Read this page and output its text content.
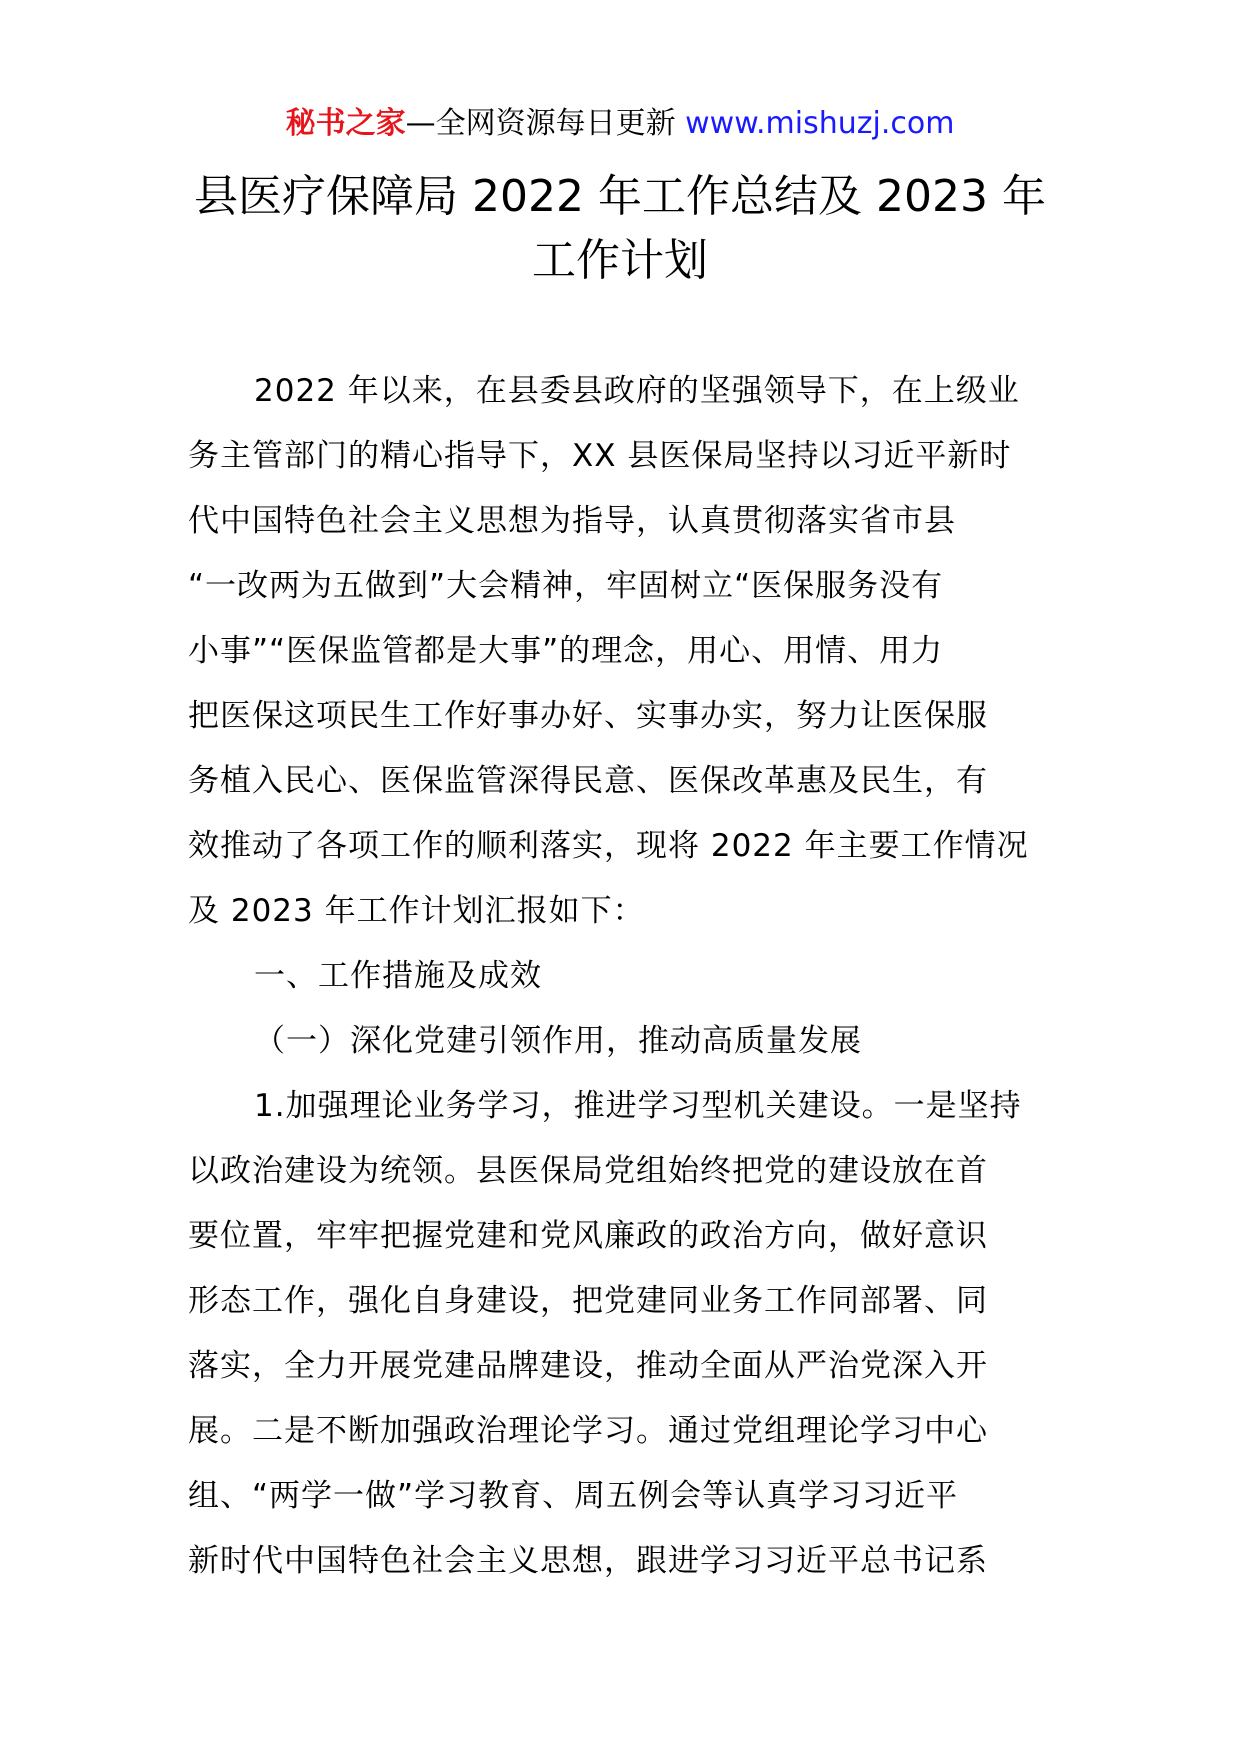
秘书之家—全网资源每日更新 www.mishuzj.com
县医疗保障局 2022 年工作总结及 2023 年
工作计划
2022 年以来，在县委县政府的坚强领导下，在上级业
务主管部门的精心指导下，XX 县医保局坚持以习近平新时
代中国特色社会主义思想为指导，认真贯彻落实省市县
“一改两为五做到”大会精神，牢固树立“医保服务没有
小事”“医保监管都是大事”的理念，用心、用情、用力
把医保这项民生工作好事办好、实事办实，努力让医保服
务植入民心、医保监管深得民意、医保改革惠及民生，有
效推动了各项工作的顺利落实，现将 2022 年主要工作情况
及 2023 年工作计划汇报如下：
一、工作措施及成效
（一）深化党建引领作用，推动高质量发展
1.加强理论业务学习，推进学习型机关建设。一是坚持
以政治建设为统领。县医保局党组始终把党的建设放在首
要位置，牢牢把握党建和党风廉政的政治方向，做好意识
形态工作，强化自身建设，把党建同业务工作同部署、同
落实，全力开展党建品牌建设，推动全面从严治党深入开
展。二是不断加强政治理论学习。通过党组理论学习中心
组、“两学一做”学习教育、周五例会等认真学习习近平
新时代中国特色社会主义思想，跟进学习习近平总书记系
